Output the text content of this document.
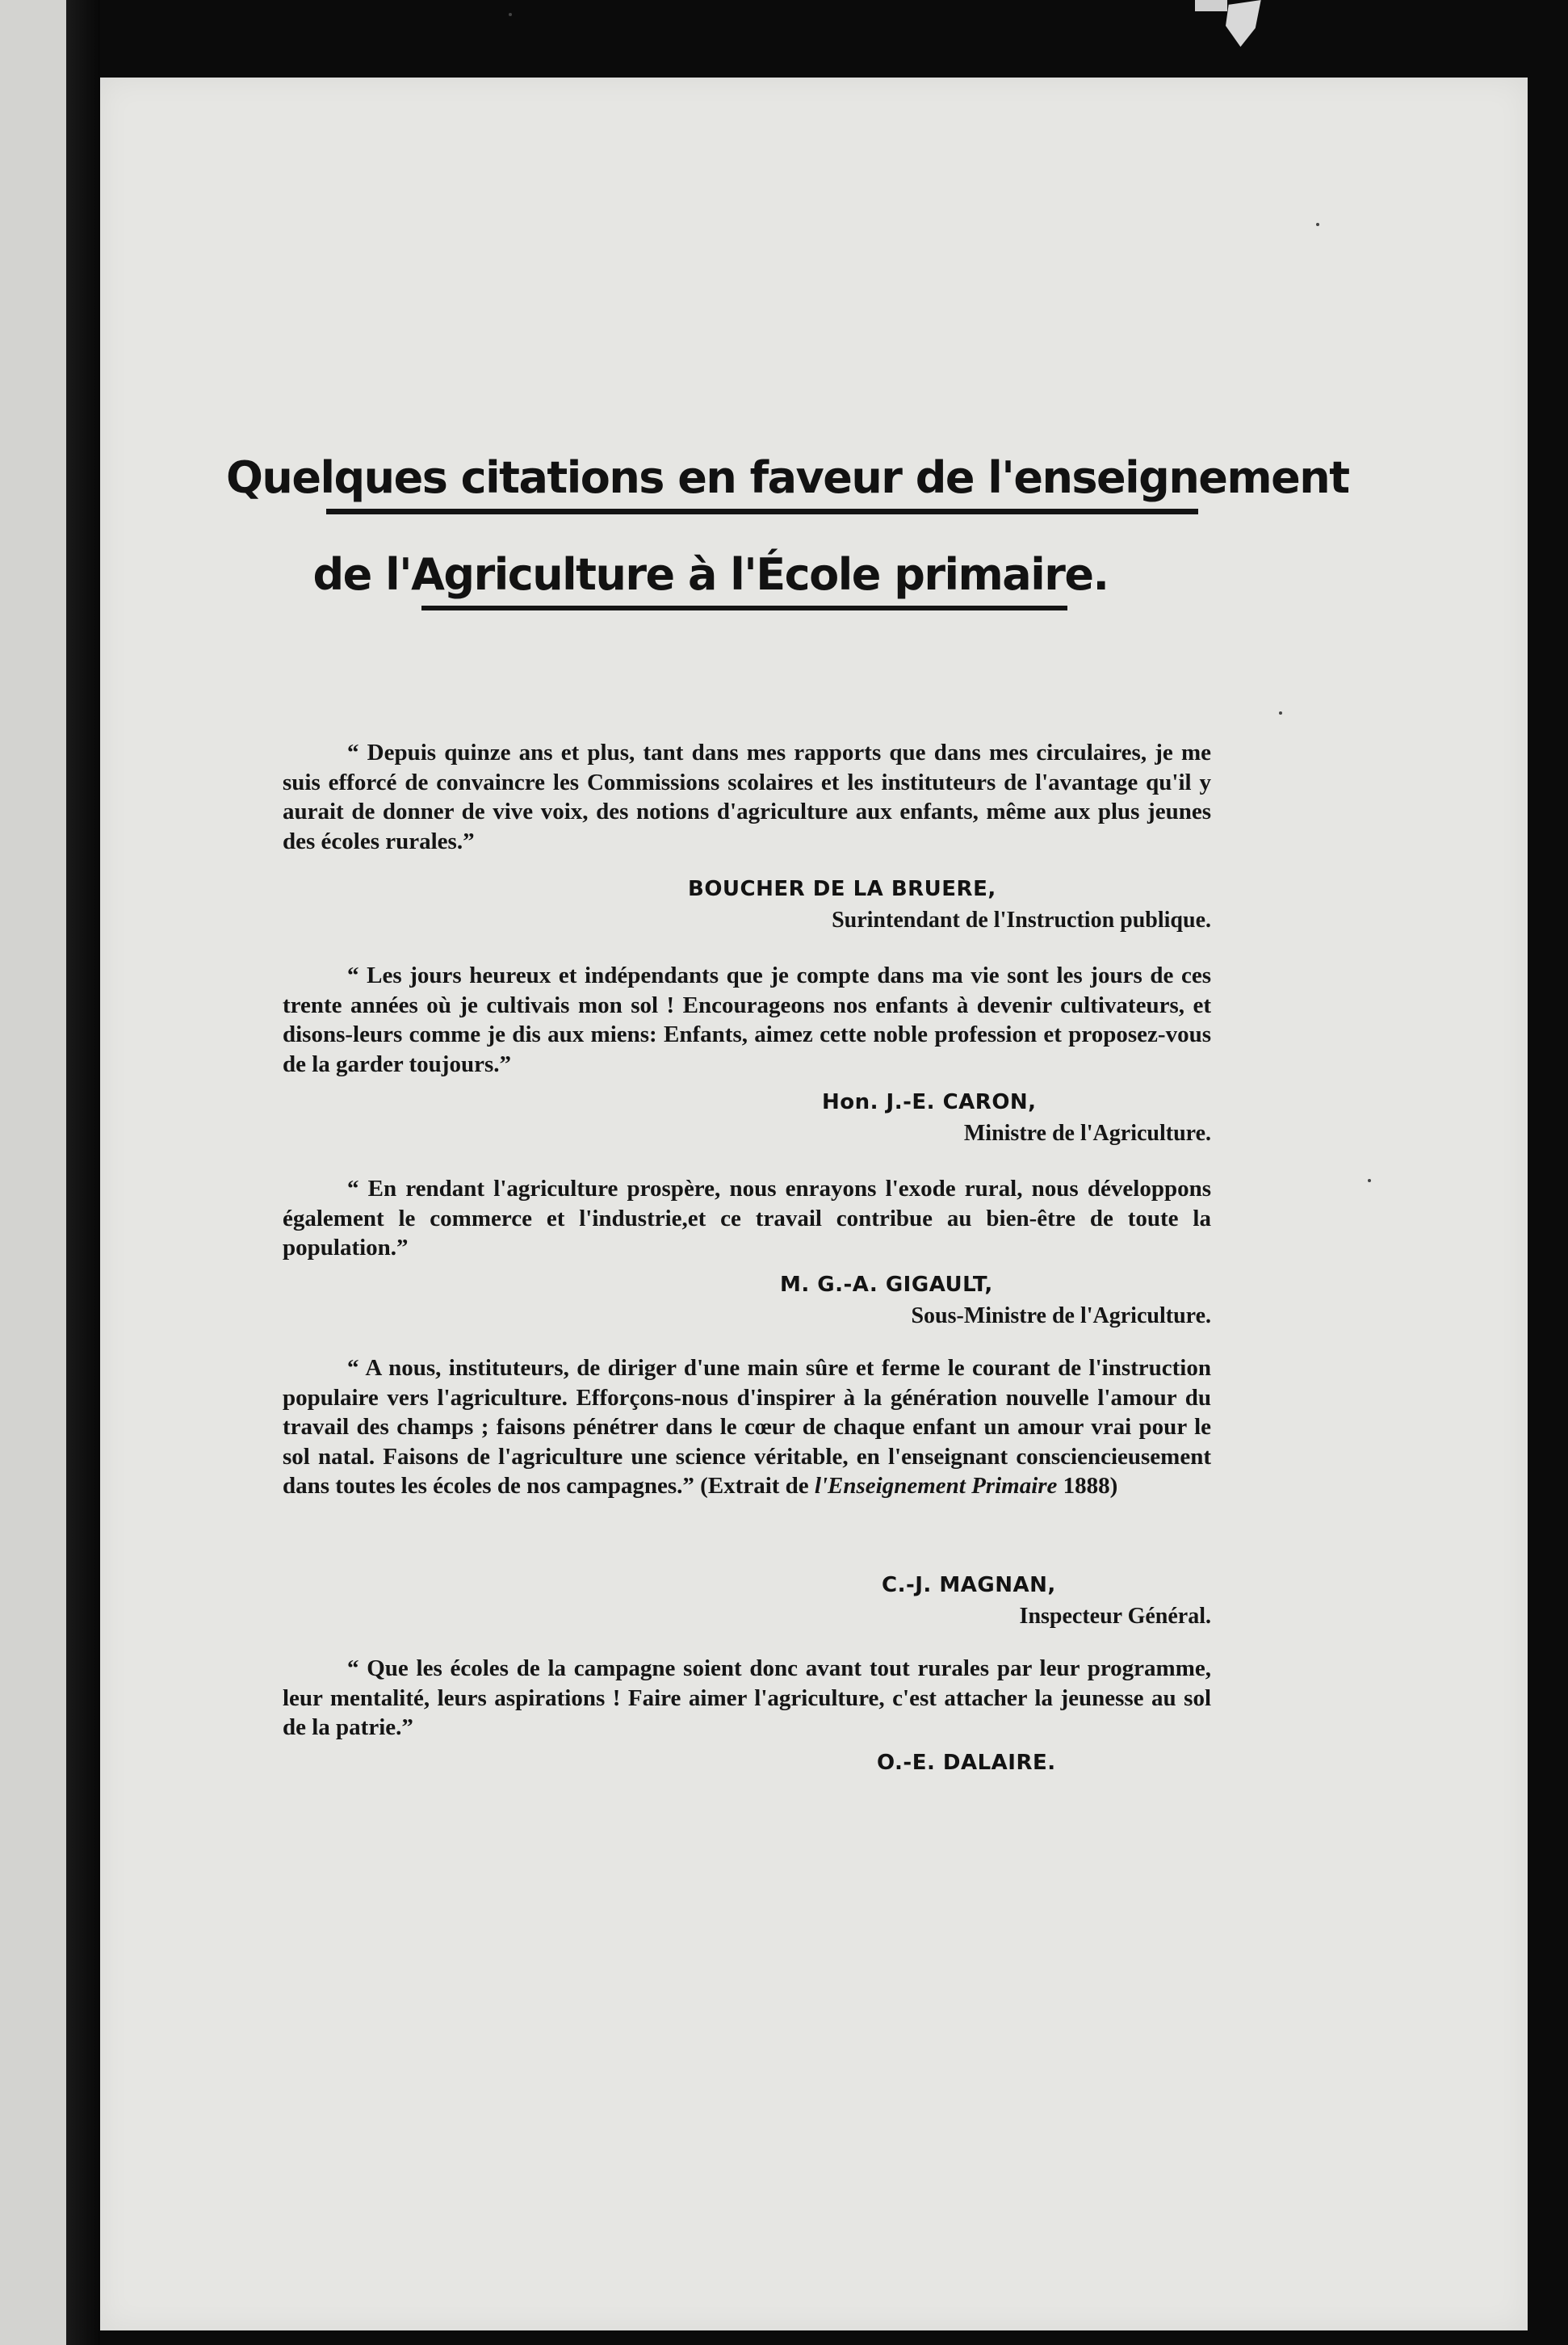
Quelques citations en faveur de l'enseignement
de l'Agriculture à l'École primaire.

“ Depuis quinze ans et plus, tant dans mes rapports que dans mes circulaires, je me suis efforcé de convaincre les Commissions scolaires et les instituteurs de l'avantage qu'il y aurait de donner de vive voix, des notions d'agriculture aux enfants, même aux plus jeunes des écoles rurales.”

BOUCHER DE LA BRUERE,
Surintendant de l'Instruction publique.

“ Les jours heureux et indépendants que je compte dans ma vie sont les jours de ces trente années où je cultivais mon sol ! Encourageons nos enfants à devenir cultivateurs, et disons-leurs comme je dis aux miens: Enfants, aimez cette noble profession et proposez-vous de la garder toujours.”

Hon. J.-E. CARON,
Ministre de l'Agriculture.

“ En rendant l'agriculture prospère, nous enrayons l'exode rural, nous développons également le commerce et l'industrie,et ce travail contribue au bien-être de toute la population.”

M. G.-A. GIGAULT,
Sous-Ministre de l'Agriculture.

“ A nous, instituteurs, de diriger d'une main sûre et ferme le courant de l'instruction populaire vers l'agriculture. Efforçons-nous d'inspirer à la génération nouvelle l'amour du travail des champs ; faisons pénétrer dans le cœur de chaque enfant un amour vrai pour le sol natal. Faisons de l'agriculture une science véritable, en l'enseignant consciencieusement dans toutes les écoles de nos campagnes.” (Extrait de l'Enseignement Primaire 1888)

C.-J. MAGNAN,
Inspecteur Général.

“ Que les écoles de la campagne soient donc avant tout rurales par leur programme, leur mentalité, leurs aspirations ! Faire aimer l'agriculture, c'est attacher la jeunesse au sol de la patrie.”

O.-E. DALAIRE.
